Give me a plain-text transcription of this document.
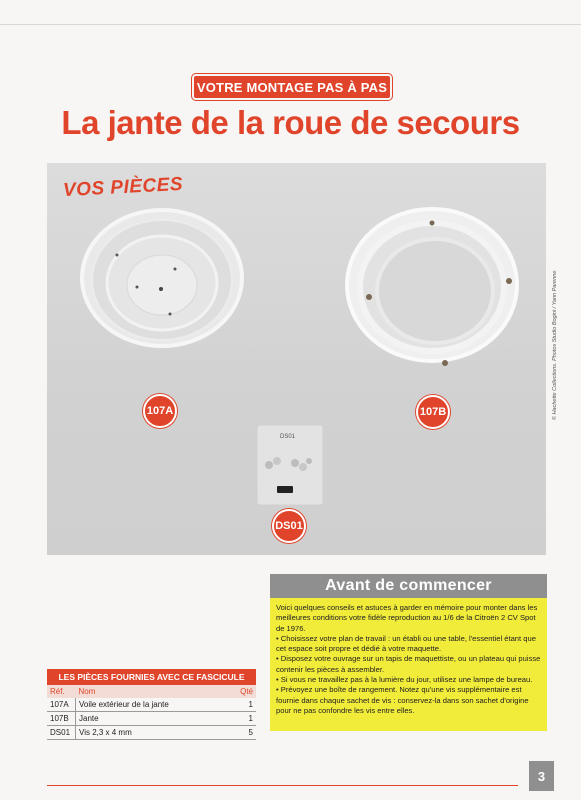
VOTRE MONTAGE PAS À PAS
La jante de la roue de secours
VOS PIÈCES
DS01
107A	107B
DS01
© Hachette Collections. Photos Studio Bogini / Yann Parenne
LES PIÈCES FOURNIES AVEC CE FASCICULE
Réf.	Nom	Qté
107A	Voile extérieur de la jante	1
107B	Jante	1
DS01	Vis 2,3 x 4 mm	5
Avant de commencer

Voici quelques conseils et astuces à garder en mémoire pour monter dans les meilleures conditions votre fidèle reproduction au 1/6 de la Citroën 2 CV Spot de 1976.

• Choisissez votre plan de travail : un établi ou une table, l'essentiel étant que cet espace soit propre et dédié à votre maquette.

• Disposez votre ouvrage sur un tapis de maquettiste, ou un plateau qui puisse contenir les pièces à assembler.

• Si vous ne travaillez pas à la lumière du jour, utilisez une lampe de bureau.

• Prévoyez une boîte de rangement. Notez qu'une vis supplémentaire est fournie dans chaque sachet de vis : conservez-la dans son sachet d'origine pour ne pas confondre les vis entre elles.

3
